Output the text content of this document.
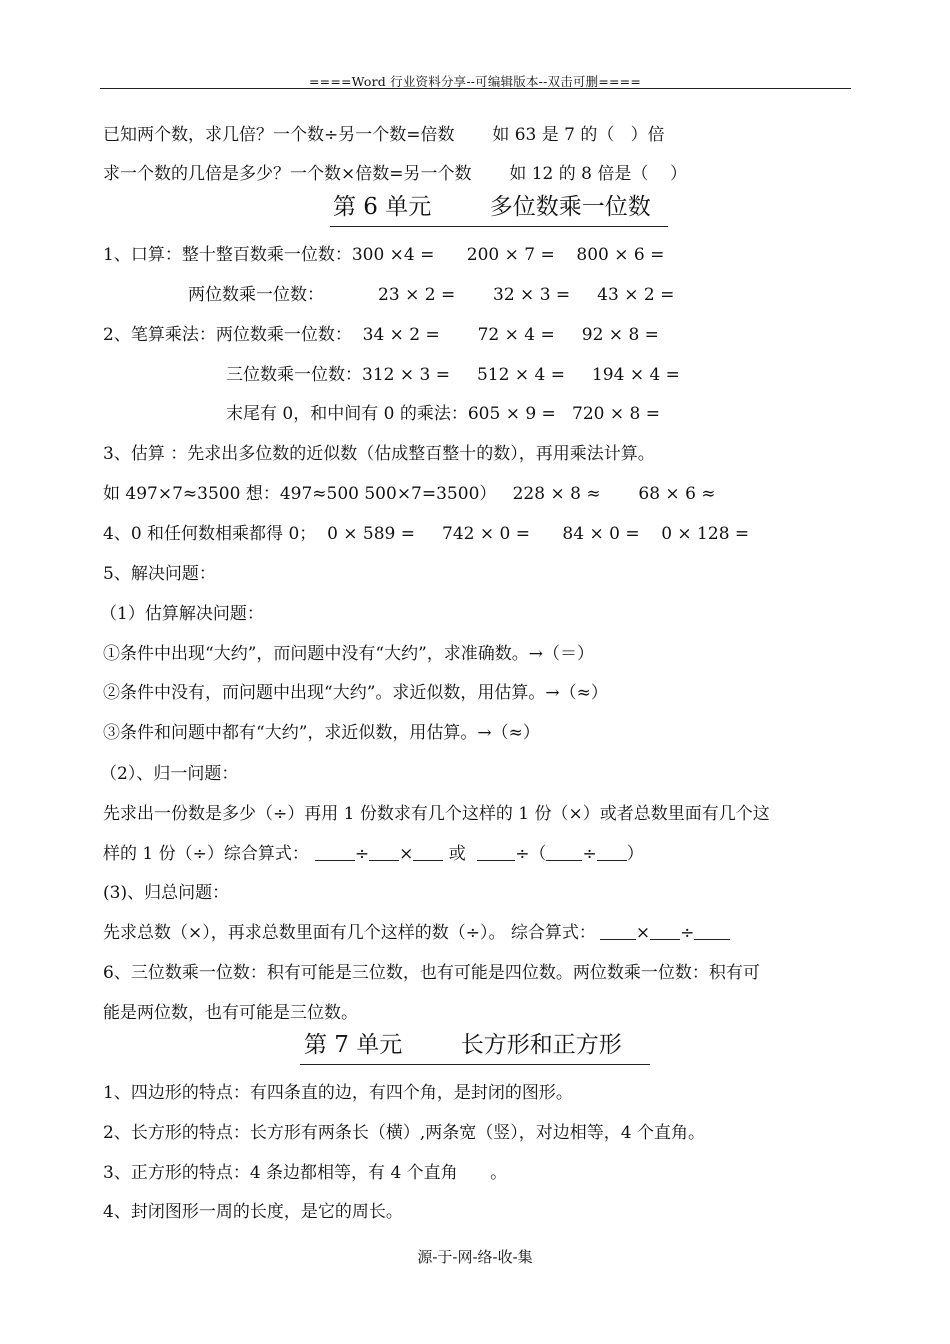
====Word 行业资料分享--可编辑版本--双击可删====
已知两个数，求几倍？一个数÷另一个数=倍数       如 63 是 7 的（   ）倍
求一个数的几倍是多少？一个数×倍数=另一个数       如 12 的 8 倍是（    ）
第 6 单元        多位数乘一位数
1、口算：整十整百数乘一位数：300 ×4 =      200 × 7 =    800 × 6 =
两位数乘一位数：          23 × 2 =       32 × 3 =     43 × 2 =
2、笔算乘法：两位数乘一位数：  34 × 2 =       72 × 4 =     92 × 8 =
三位数乘一位数：312 × 3 =     512 × 4 =     194 × 4 =
末尾有 0，和中间有 0 的乘法：605 × 9 =   720 × 8 =
3、估算 ：先求出多位数的近似数（估成整百整十的数），再用乘法计算。
如 497×7≈3500 想：497≈500 500×7=3500）   228 × 8 ≈       68 × 6 ≈
4、0 和任何数相乘都得 0；  0 × 589 =     742 × 0 =      84 × 0 =    0 × 128 =
5、解决问题：
（1）估算解决问题：
①条件中出现“大约”，而问题中没有“大约”，求准确数。→（＝）
②条件中没有，而问题中出现“大约”。求近似数，用估算。→（≈）
③条件和问题中都有“大约”，求近似数，用估算。→（≈）
（2）、归一问题：
先求出一份数是多少（÷）再用 1 份数求有几个这样的 1 份（×）或者总数里面有几个这
样的 1 份（÷）综合算式：	÷ × 或	÷（ ÷ ）
(3)、归总问题：
先求总数（×），再求总数里面有几个这样的数（÷）。 综合算式： × ÷
6、三位数乘一位数：积有可能是三位数，也有可能是四位数。两位数乘一位数：积有可
能是两位数，也有可能是三位数。
第 7 单元        长方形和正方形
1、四边形的特点：有四条直的边，有四个角，是封闭的图形。
2、长方形的特点：长方形有两条长（横）,两条宽（竖），对边相等，4 个直角。
3、正方形的特点：4 条边都相等，有 4 个直角      。
4、封闭图形一周的长度，是它的周长。
源-于-网-络-收-集
